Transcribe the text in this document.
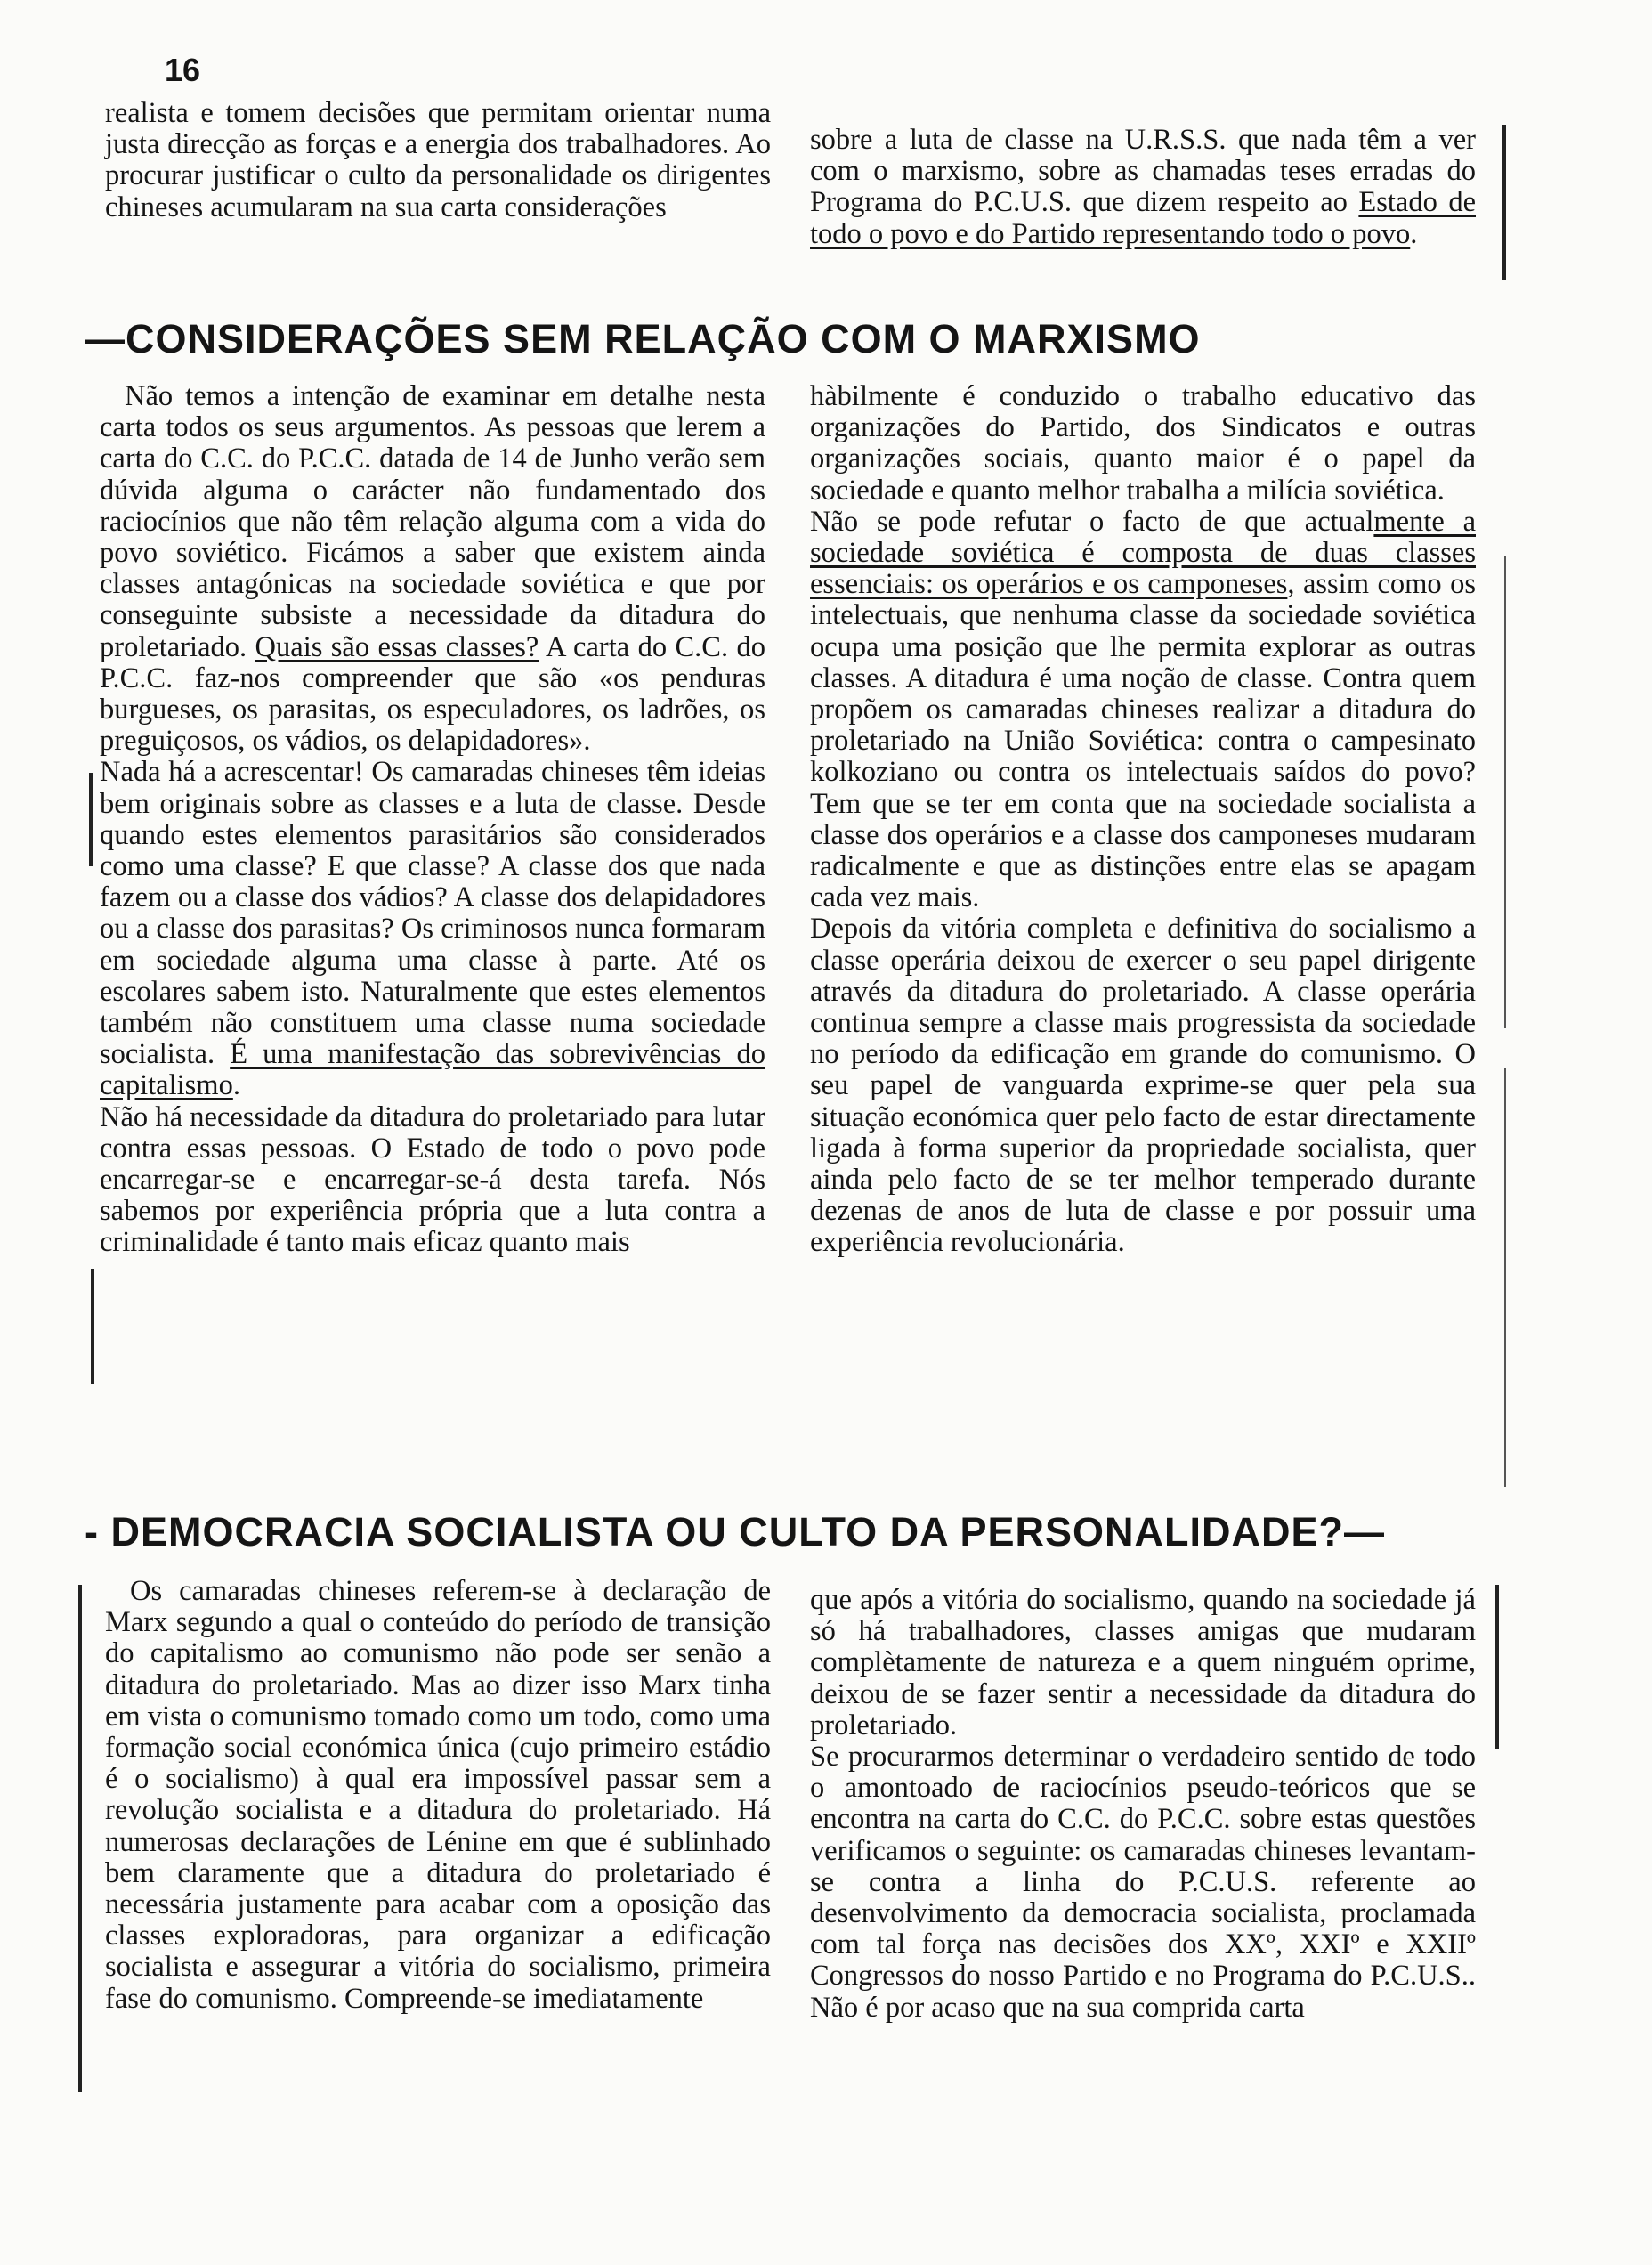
16

realista e tomem decisões que permitam orientar numa justa direcção as forças e a energia dos trabalhadores. Ao procurar justificar o culto da personalidade os dirigentes chineses acumularam na sua carta considerações

sobre a luta de classe na U.R.S.S. que nada têm a ver com o marxismo, sobre as chamadas teses erradas do Programa do P.C.U.S. que dizem respeito ao Estado de todo o povo e do Partido representando todo o povo.

—CONSIDERAÇÕES SEM RELAÇÃO COM O MARXISMO

Não temos a intenção de examinar em detalhe nesta carta todos os seus argumentos. As pessoas que lerem a carta do C.C. do P.C.C. datada de 14 de Junho verão sem dúvida alguma o carácter não fundamentado dos raciocínios que não têm relação alguma com a vida do povo soviético. Ficámos a saber que existem ainda classes antagónicas na sociedade soviética e que por conseguinte subsiste a necessidade da ditadura do proletariado. Quais são essas classes? A carta do C.C. do P.C.C. faz-nos compreender que são «os penduras burgueses, os parasitas, os especuladores, os ladrões, os preguiçosos, os vádios, os delapidadores».

Nada há a acrescentar! Os camaradas chineses têm ideias bem originais sobre as classes e a luta de classe. Desde quando estes elementos parasitários são considerados como uma classe? E que classe? A classe dos que nada fazem ou a classe dos vádios? A classe dos delapidadores ou a classe dos parasitas? Os criminosos nunca formaram em sociedade alguma uma classe à parte. Até os escolares sabem isto. Naturalmente que estes elementos também não constituem uma classe numa sociedade socialista. É uma manifestação das sobrevivências do capitalismo.

Não há necessidade da ditadura do proletariado para lutar contra essas pessoas. O Estado de todo o povo pode encarregar-se e encarregar-se-á desta tarefa. Nós sabemos por experiência própria que a luta contra a criminalidade é tanto mais eficaz quanto mais

hàbilmente é conduzido o trabalho educativo das organizações do Partido, dos Sindicatos e outras organizações sociais, quanto maior é o papel da sociedade e quanto melhor trabalha a milícia soviética.

Não se pode refutar o facto de que actualmente a sociedade soviética é composta de duas classes essenciais: os operários e os camponeses, assim como os intelectuais, que nenhuma classe da sociedade soviética ocupa uma posição que lhe permita explorar as outras classes. A ditadura é uma noção de classe. Contra quem propõem os camaradas chineses realizar a ditadura do proletariado na União Soviética: contra o campesinato kolkoziano ou contra os intelectuais saídos do povo? Tem que se ter em conta que na sociedade socialista a classe dos operários e a classe dos camponeses mudaram radicalmente e que as distinções entre elas se apagam cada vez mais.

Depois da vitória completa e definitiva do socialismo a classe operária deixou de exercer o seu papel dirigente através da ditadura do proletariado. A classe operária continua sempre a classe mais progressista da sociedade no período da edificação em grande do comunismo. O seu papel de vanguarda exprime-se quer pela sua situação económica quer pelo facto de estar directamente ligada à forma superior da propriedade socialista, quer ainda pelo facto de se ter melhor temperado durante dezenas de anos de luta de classe e por possuir uma experiência revolucionária.

- DEMOCRACIA SOCIALISTA OU CULTO DA PERSONALIDADE?—

Os camaradas chineses referem-se à declaração de Marx segundo a qual o conteúdo do período de transição do capitalismo ao comunismo não pode ser senão a ditadura do proletariado. Mas ao dizer isso Marx tinha em vista o comunismo tomado como um todo, como uma formação social económica única (cujo primeiro estádio é o socialismo) à qual era impossível passar sem a revolução socialista e a ditadura do proletariado. Há numerosas declarações de Lénine em que é sublinhado bem claramente que a ditadura do proletariado é necessária justamente para acabar com a oposição das classes exploradoras, para organizar a edificação socialista e assegurar a vitória do socialismo, primeira fase do comunismo. Compreende-se imediatamente

que após a vitória do socialismo, quando na sociedade já só há trabalhadores, classes amigas que mudaram complètamente de natureza e a quem ninguém oprime, deixou de se fazer sentir a necessidade da ditadura do proletariado.

Se procurarmos determinar o verdadeiro sentido de todo o amontoado de raciocínios pseudo-teóricos que se encontra na carta do C.C. do P.C.C. sobre estas questões verificamos o seguinte: os camaradas chineses levantam-se contra a linha do P.C.U.S. referente ao desenvolvimento da democracia socialista, proclamada com tal força nas decisões dos XXº, XXIº e XXIIº Congressos do nosso Partido e no Programa do P.C.U.S.. Não é por acaso que na sua comprida carta
